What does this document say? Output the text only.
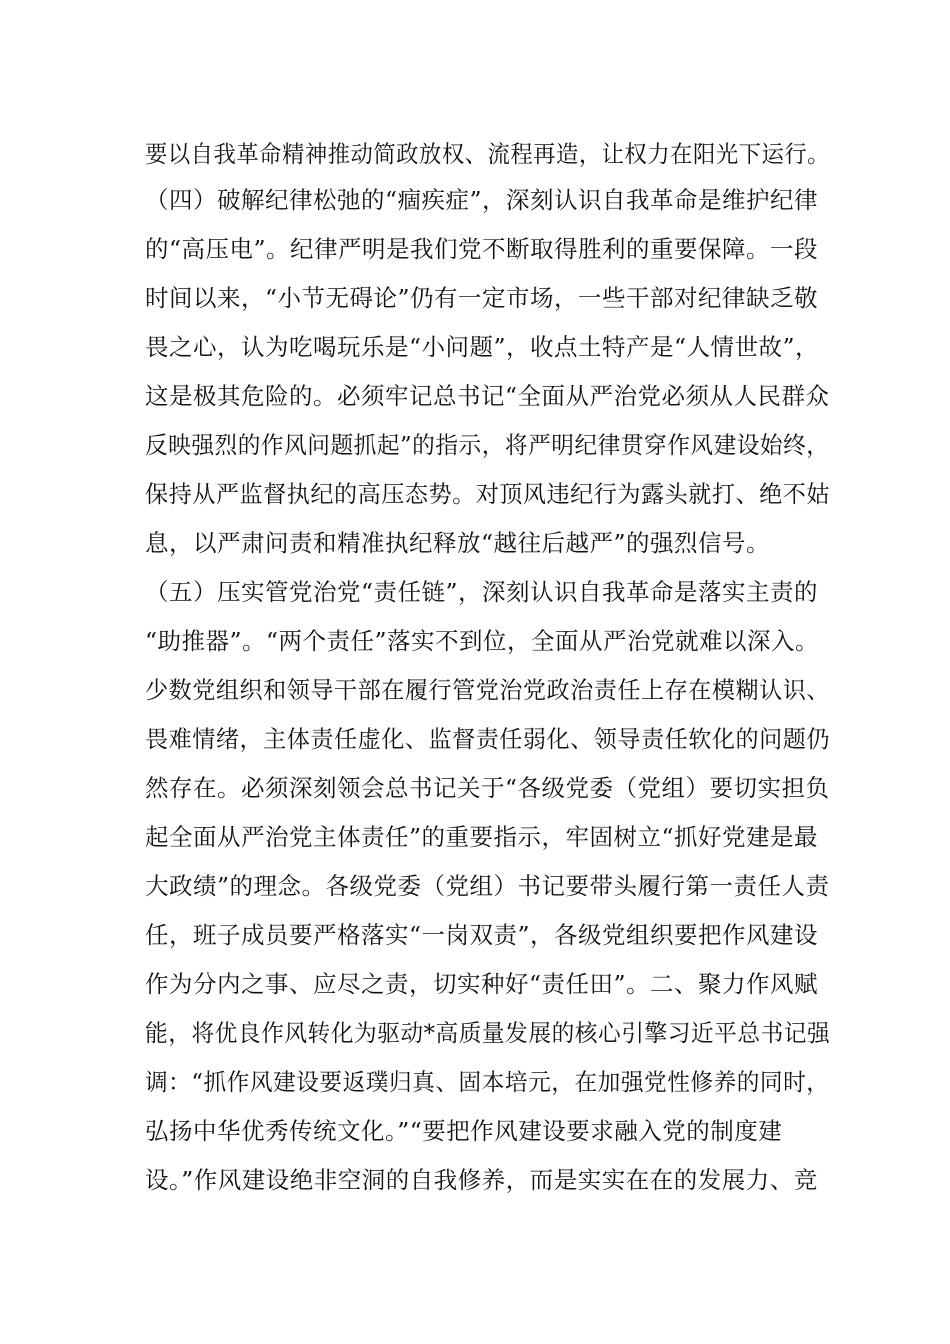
要以自我革命精神推动简政放权、流程再造，让权力在阳光下运行。
（四）破解纪律松弛的“痼疾症”，深刻认识自我革命是维护纪律
的“高压电”。纪律严明是我们党不断取得胜利的重要保障。一段
时间以来，“小节无碍论”仍有一定市场，一些干部对纪律缺乏敬
畏之心，认为吃喝玩乐是“小问题”，收点土特产是“人情世故”，
这是极其危险的。必须牢记总书记“全面从严治党必须从人民群众
反映强烈的作风问题抓起”的指示，将严明纪律贯穿作风建设始终，
保持从严监督执纪的高压态势。对顶风违纪行为露头就打、绝不姑
息，以严肃问责和精准执纪释放“越往后越严”的强烈信号。
（五）压实管党治党“责任链”，深刻认识自我革命是落实主责的
“助推器”。“两个责任”落实不到位，全面从严治党就难以深入。
少数党组织和领导干部在履行管党治党政治责任上存在模糊认识、
畏难情绪，主体责任虚化、监督责任弱化、领导责任软化的问题仍
然存在。必须深刻领会总书记关于“各级党委（党组）要切实担负
起全面从严治党主体责任”的重要指示，牢固树立“抓好党建是最
大政绩”的理念。各级党委（党组）书记要带头履行第一责任人责
任，班子成员要严格落实“一岗双责”，各级党组织要把作风建设
作为分内之事、应尽之责，切实种好“责任田”。二、聚力作风赋
能，将优良作风转化为驱动*高质量发展的核心引擎习近平总书记强
调：“抓作风建设要返璞归真、固本培元，在加强党性修养的同时，
弘扬中华优秀传统文化。”“要把作风建设要求融入党的制度建
设。”作风建设绝非空洞的自我修养，而是实实在在的发展力、竞
